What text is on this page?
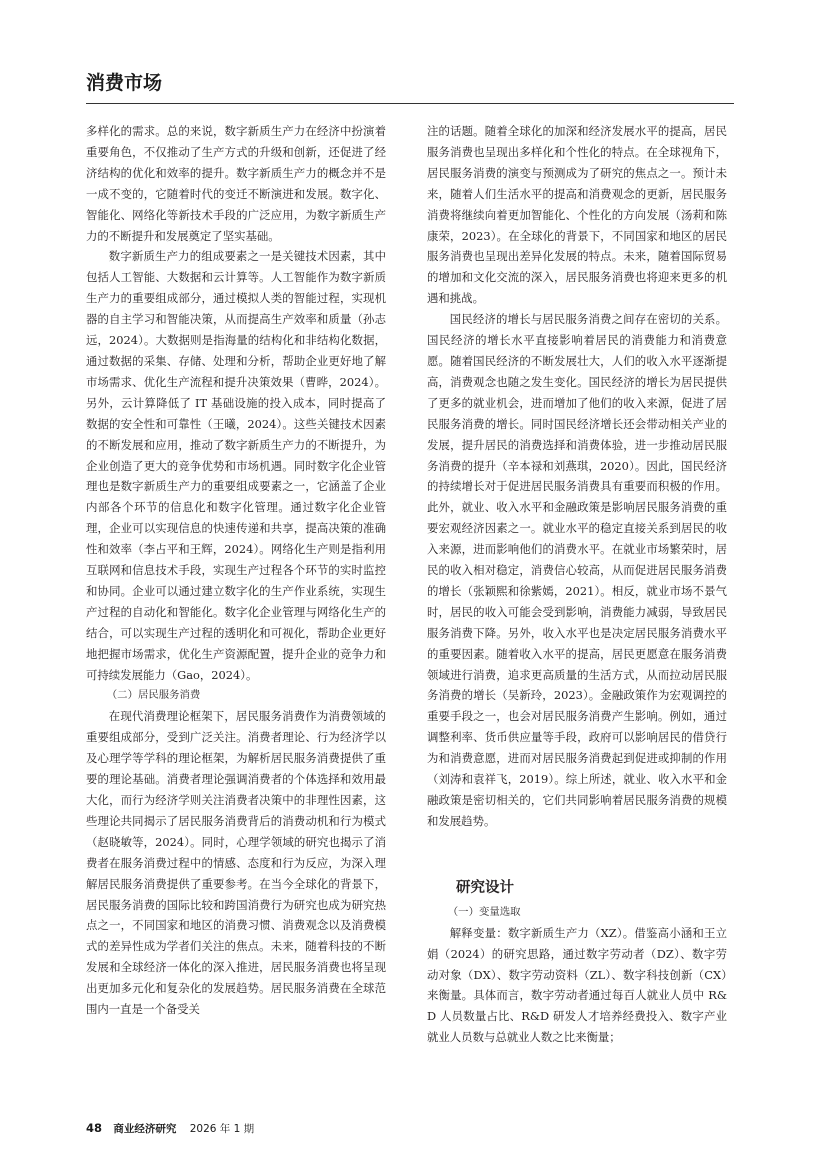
消费市场

多样化的需求。总的来说，数字新质生产力在经济中扮演着重要角色，不仅推动了生产方式的升级和创新，还促进了经济结构的优化和效率的提升。数字新质生产力的概念并不是一成不变的，它随着时代的变迁不断演进和发展。数字化、智能化、网络化等新技术手段的广泛应用，为数字新质生产力的不断提升和发展奠定了坚实基础。

数字新质生产力的组成要素之一是关键技术因素，其中包括人工智能、大数据和云计算等。人工智能作为数字新质生产力的重要组成部分，通过模拟人类的智能过程，实现机器的自主学习和智能决策，从而提高生产效率和质量（孙志远，2024）。大数据则是指海量的结构化和非结构化数据，通过数据的采集、存储、处理和分析，帮助企业更好地了解市场需求、优化生产流程和提升决策效果（曹晔，2024）。另外，云计算降低了 IT 基础设施的投入成本，同时提高了数据的安全性和可靠性（王曦，2024）。这些关键技术因素的不断发展和应用，推动了数字新质生产力的不断提升，为企业创造了更大的竞争优势和市场机遇。同时数字化企业管理也是数字新质生产力的重要组成要素之一，它涵盖了企业内部各个环节的信息化和数字化管理。通过数字化企业管理，企业可以实现信息的快速传递和共享，提高决策的准确性和效率（李占平和王辉，2024）。网络化生产则是指利用互联网和信息技术手段，实现生产过程各个环节的实时监控和协同。企业可以通过建立数字化的生产作业系统，实现生产过程的自动化和智能化。数字化企业管理与网络化生产的结合，可以实现生产过程的透明化和可视化，帮助企业更好地把握市场需求，优化生产资源配置，提升企业的竞争力和可持续发展能力（Gao，2024）。

（二）居民服务消费

在现代消费理论框架下，居民服务消费作为消费领域的重要组成部分，受到广泛关注。消费者理论、行为经济学以及心理学等学科的理论框架，为解析居民服务消费提供了重要的理论基础。消费者理论强调消费者的个体选择和效用最大化，而行为经济学则关注消费者决策中的非理性因素，这些理论共同揭示了居民服务消费背后的消费动机和行为模式（赵晓敏等，2024）。同时，心理学领域的研究也揭示了消费者在服务消费过程中的情感、态度和行为反应，为深入理解居民服务消费提供了重要参考。在当今全球化的背景下，居民服务消费的国际比较和跨国消费行为研究也成为研究热点之一，不同国家和地区的消费习惯、消费观念以及消费模式的差异性成为学者们关注的焦点。未来，随着科技的不断发展和全球经济一体化的深入推进，居民服务消费也将呈现出更加多元化和复杂化的发展趋势。居民服务消费在全球范围内一直是一个备受关

注的话题。随着全球化的加深和经济发展水平的提高，居民服务消费也呈现出多样化和个性化的特点。在全球视角下，居民服务消费的演变与预测成为了研究的焦点之一。预计未来，随着人们生活水平的提高和消费观念的更新，居民服务消费将继续向着更加智能化、个性化的方向发展（汤莉和陈康荣，2023）。在全球化的背景下，不同国家和地区的居民服务消费也呈现出差异化发展的特点。未来，随着国际贸易的增加和文化交流的深入，居民服务消费也将迎来更多的机遇和挑战。

国民经济的增长与居民服务消费之间存在密切的关系。国民经济的增长水平直接影响着居民的消费能力和消费意愿。随着国民经济的不断发展壮大，人们的收入水平逐渐提高，消费观念也随之发生变化。国民经济的增长为居民提供了更多的就业机会，进而增加了他们的收入来源，促进了居民服务消费的增长。同时国民经济增长还会带动相关产业的发展，提升居民的消费选择和消费体验，进一步推动居民服务消费的提升（辛本禄和刘燕琪，2020）。因此，国民经济的持续增长对于促进居民服务消费具有重要而积极的作用。此外，就业、收入水平和金融政策是影响居民服务消费的重要宏观经济因素之一。就业水平的稳定直接关系到居民的收入来源，进而影响他们的消费水平。在就业市场繁荣时，居民的收入相对稳定，消费信心较高，从而促进居民服务消费的增长（张颖熙和徐紫嫣，2021）。相反，就业市场不景气时，居民的收入可能会受到影响，消费能力减弱，导致居民服务消费下降。另外，收入水平也是决定居民服务消费水平的重要因素。随着收入水平的提高，居民更愿意在服务消费领域进行消费，追求更高质量的生活方式，从而拉动居民服务消费的增长（吴新玲，2023）。金融政策作为宏观调控的重要手段之一，也会对居民服务消费产生影响。例如，通过调整利率、货币供应量等手段，政府可以影响居民的借贷行为和消费意愿，进而对居民服务消费起到促进或抑制的作用（刘涛和袁祥飞，2019）。综上所述，就业、收入水平和金融政策是密切相关的，它们共同影响着居民服务消费的规模和发展趋势。

研究设计

（一）变量选取

解释变量：数字新质生产力（XZ）。借鉴高小涵和王立娟（2024）的研究思路，通过数字劳动者（DZ）、数字劳动对象（DX）、数字劳动资料（ZL）、数字科技创新（CX）来衡量。具体而言，数字劳动者通过每百人就业人员中 R&D 人员数量占比、R&D 研发人才培养经费投入、数字产业就业人员数与总就业人数之比来衡量；

48 商业经济研究 2026 年 1 期
